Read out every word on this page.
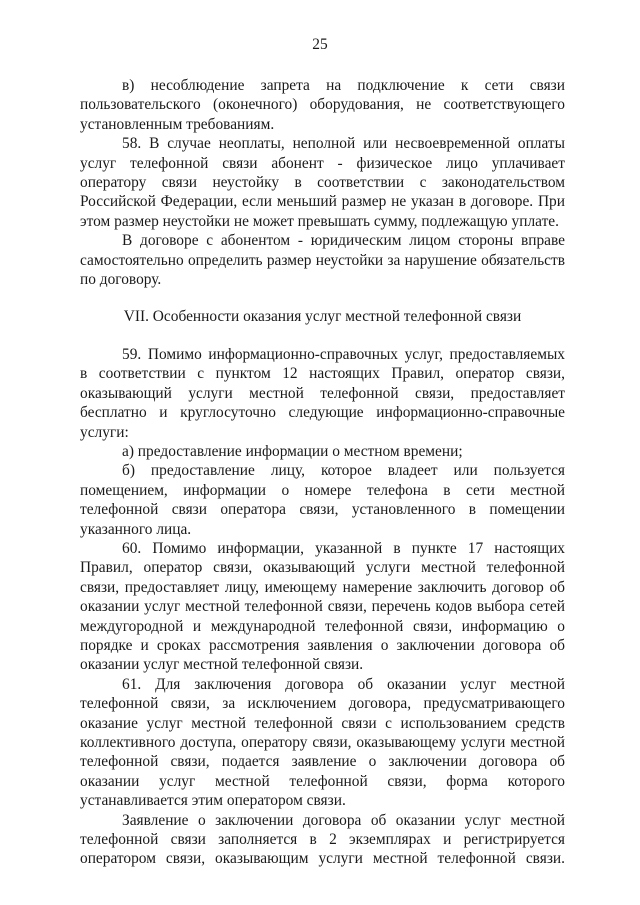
25

в) несоблюдение запрета на подключение к сети связи пользовательского (оконечного) оборудования, не соответствующего установленным требованиям.

58. В случае неоплаты, неполной или несвоевременной оплаты услуг телефонной связи абонент - физическое лицо уплачивает оператору связи неустойку в соответствии с законодательством Российской Федерации, если меньший размер не указан в договоре. При этом размер неустойки не может превышать сумму, подлежащую уплате.

В договоре с абонентом - юридическим лицом стороны вправе самостоятельно определить размер неустойки за нарушение обязательств по договору.

VII. Особенности оказания услуг местной телефонной связи

59. Помимо информационно-справочных услуг, предоставляемых в соответствии с пунктом 12 настоящих Правил, оператор связи, оказывающий услуги местной телефонной связи, предоставляет бесплатно и круглосуточно следующие информационно-справочные услуги:

а) предоставление информации о местном времени;

б) предоставление лицу, которое владеет или пользуется помещением, информации о номере телефона в сети местной телефонной связи оператора связи, установленного в помещении указанного лица.

60. Помимо информации, указанной в пункте 17 настоящих Правил, оператор связи, оказывающий услуги местной телефонной связи, предоставляет лицу, имеющему намерение заключить договор об оказании услуг местной телефонной связи, перечень кодов выбора сетей междугородной и международной телефонной связи, информацию о порядке и сроках рассмотрения заявления о заключении договора об оказании услуг местной телефонной связи.

61. Для заключения договора об оказании услуг местной телефонной связи, за исключением договора, предусматривающего оказание услуг местной телефонной связи с использованием средств коллективного доступа, оператору связи, оказывающему услуги местной телефонной связи, подается заявление о заключении договора об оказании услуг местной телефонной связи, форма которого устанавливается этим оператором связи.

Заявление о заключении договора об оказании услуг местной телефонной связи заполняется в 2 экземплярах и регистрируется оператором связи, оказывающим услуги местной телефонной связи.
